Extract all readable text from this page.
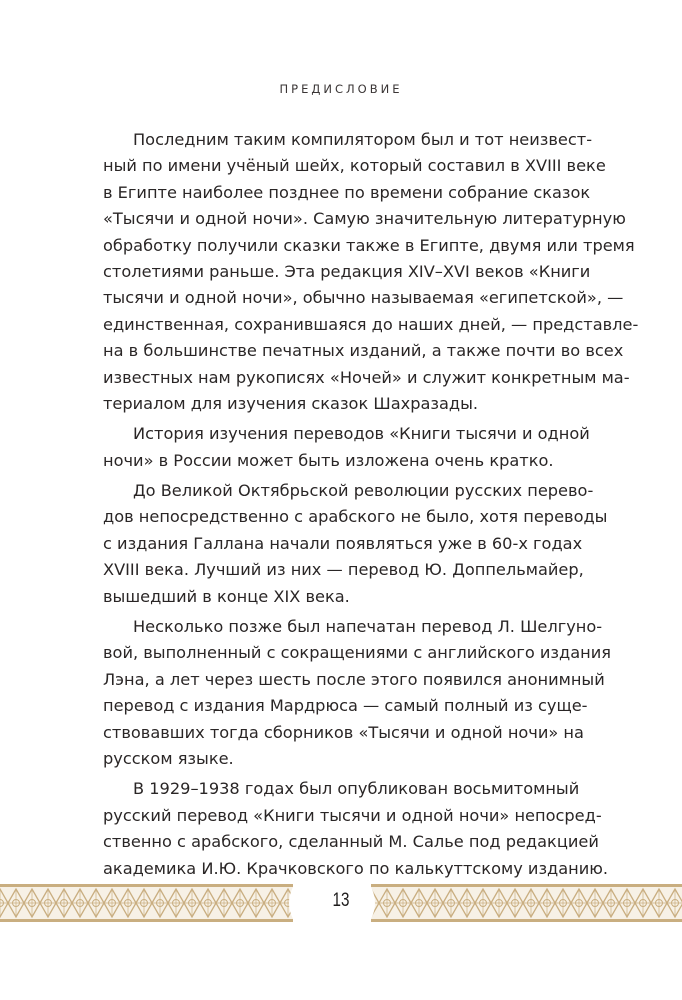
ПРЕДИСЛОВИЕ
Последним таким компилятором был и тот неизвест-
ный по имени учёный шейх, который составил в XVIII веке
в Египте наиболее позднее по времени собрание сказок
«Тысячи и одной ночи». Самую значительную литературную
обработку получили сказки также в Египте, двумя или тремя
столетиями раньше. Эта редакция XIV–XVI веков «Книги
тысячи и одной ночи», обычно называемая «египетской», —
единственная, сохранившаяся до наших дней, — представле-
на в большинстве печатных изданий, а также почти во всех
известных нам рукописях «Ночей» и служит конкретным ма-
териалом для изучения сказок Шахразады.
История изучения переводов «Книги тысячи и одной
ночи» в России может быть изложена очень кратко.
До Великой Октябрьской революции русских перево-
дов непосредственно с арабского не было, хотя переводы
с издания Галлана начали появляться уже в 60-х годах
XVIII века. Лучший из них — перевод Ю. Доппельмайер,
вышедший в конце XIX века.
Несколько позже был напечатан перевод Л. Шелгуно-
вой, выполненный с сокращениями с английского издания
Лэна, а лет через шесть после этого появился анонимный
перевод с издания Мардрюса — самый полный из суще-
ствовавших тогда сборников «Тысячи и одной ночи» на
русском языке.
В 1929–1938 годах был опубликован восьмитомный
русский перевод «Книги тысячи и одной ночи» непосред-
ственно с арабского, сделанный М. Салье под редакцией
академика И.Ю. Крачковского по калькуттскому изданию.
13
